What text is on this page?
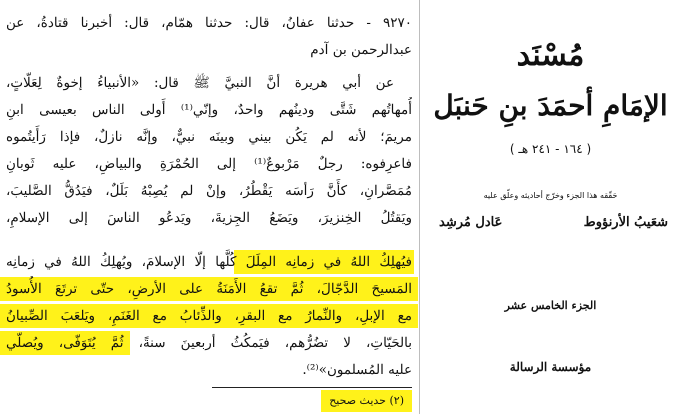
٩٢٧٠ - حدثنا عفانُ، قال: حدثنا همّام، قال: أخبرنا قتادةُ، عن
عبدالرحمن بن آدم
عن أبي هريرة أنَّ النبيَّ ﷺ قال: «الأنبياءُ إخوةٌ لِعَلّاتٍ،
أُمهاتُهم شَتَّى ودينُهم واحدٌ، وإنّي⁽¹⁾ أَولى الناس بعيسى ابنِ
مريمَ؛ لأنه لم يَكُن بيني وبينَه نبيٌّ، وإنَّه نازلٌ، فإذا رَأَيتُموه
فاعرِفوه: رجلٌ مَرْبوعٌ⁽¹⁾ إلى الحُمْرَةِ والبياضِ، عليه ثَوبانِ
مُمَصَّرانِ، كأَنَّ رَأسَه يَقْطُرُ، وإنْ لم يُصِبْهُ بَلَلٌ، فيَدُقُّ الصَّليبَ،
ويَقتُلُ الخِنزيرَ، ويَضَعُ الجِزيةَ، ويَدعُو الناسَ إلى الإسلامِ،
فيُهلِكُ اللهُ في زمانِه المِلَلَ كُلَّها إلّا الإسلامَ، ويُهلِكُ اللهُ في زمانِه
المَسيحَ الدَّجّالَ، ثُمَّ تقعُ الأَمَنَةُ على الأرضِ، حتّى ترتَعَ الأُسودُ
مع الإبلِ، والنِّمارُ مع البقرِ، والذِّئابُ مع الغَنَمِ، ويَلعَبَ الصِّبيانُ
بالحَيّاتِ، لا تضُرُّهم، فيَمكُثُ أربعينَ سنةً، ثُمَّ يُتَوَفّى، ويُصلّي
عليه المُسلمون»⁽²⁾.
(٢) حديث صحيح
مُسْنَد
الإمَامِ أحمَدَ بنِ حَنبَل
( ١٦٤ - ٢٤١ هـ )
حَقّقه هذا الجزء وخرّج أحاديثه وعلّق عليه
شعَيبُ الأرنؤوط
عَادل مُرشِد
الجزء الخامس عشر
مؤسسة الرسالة
